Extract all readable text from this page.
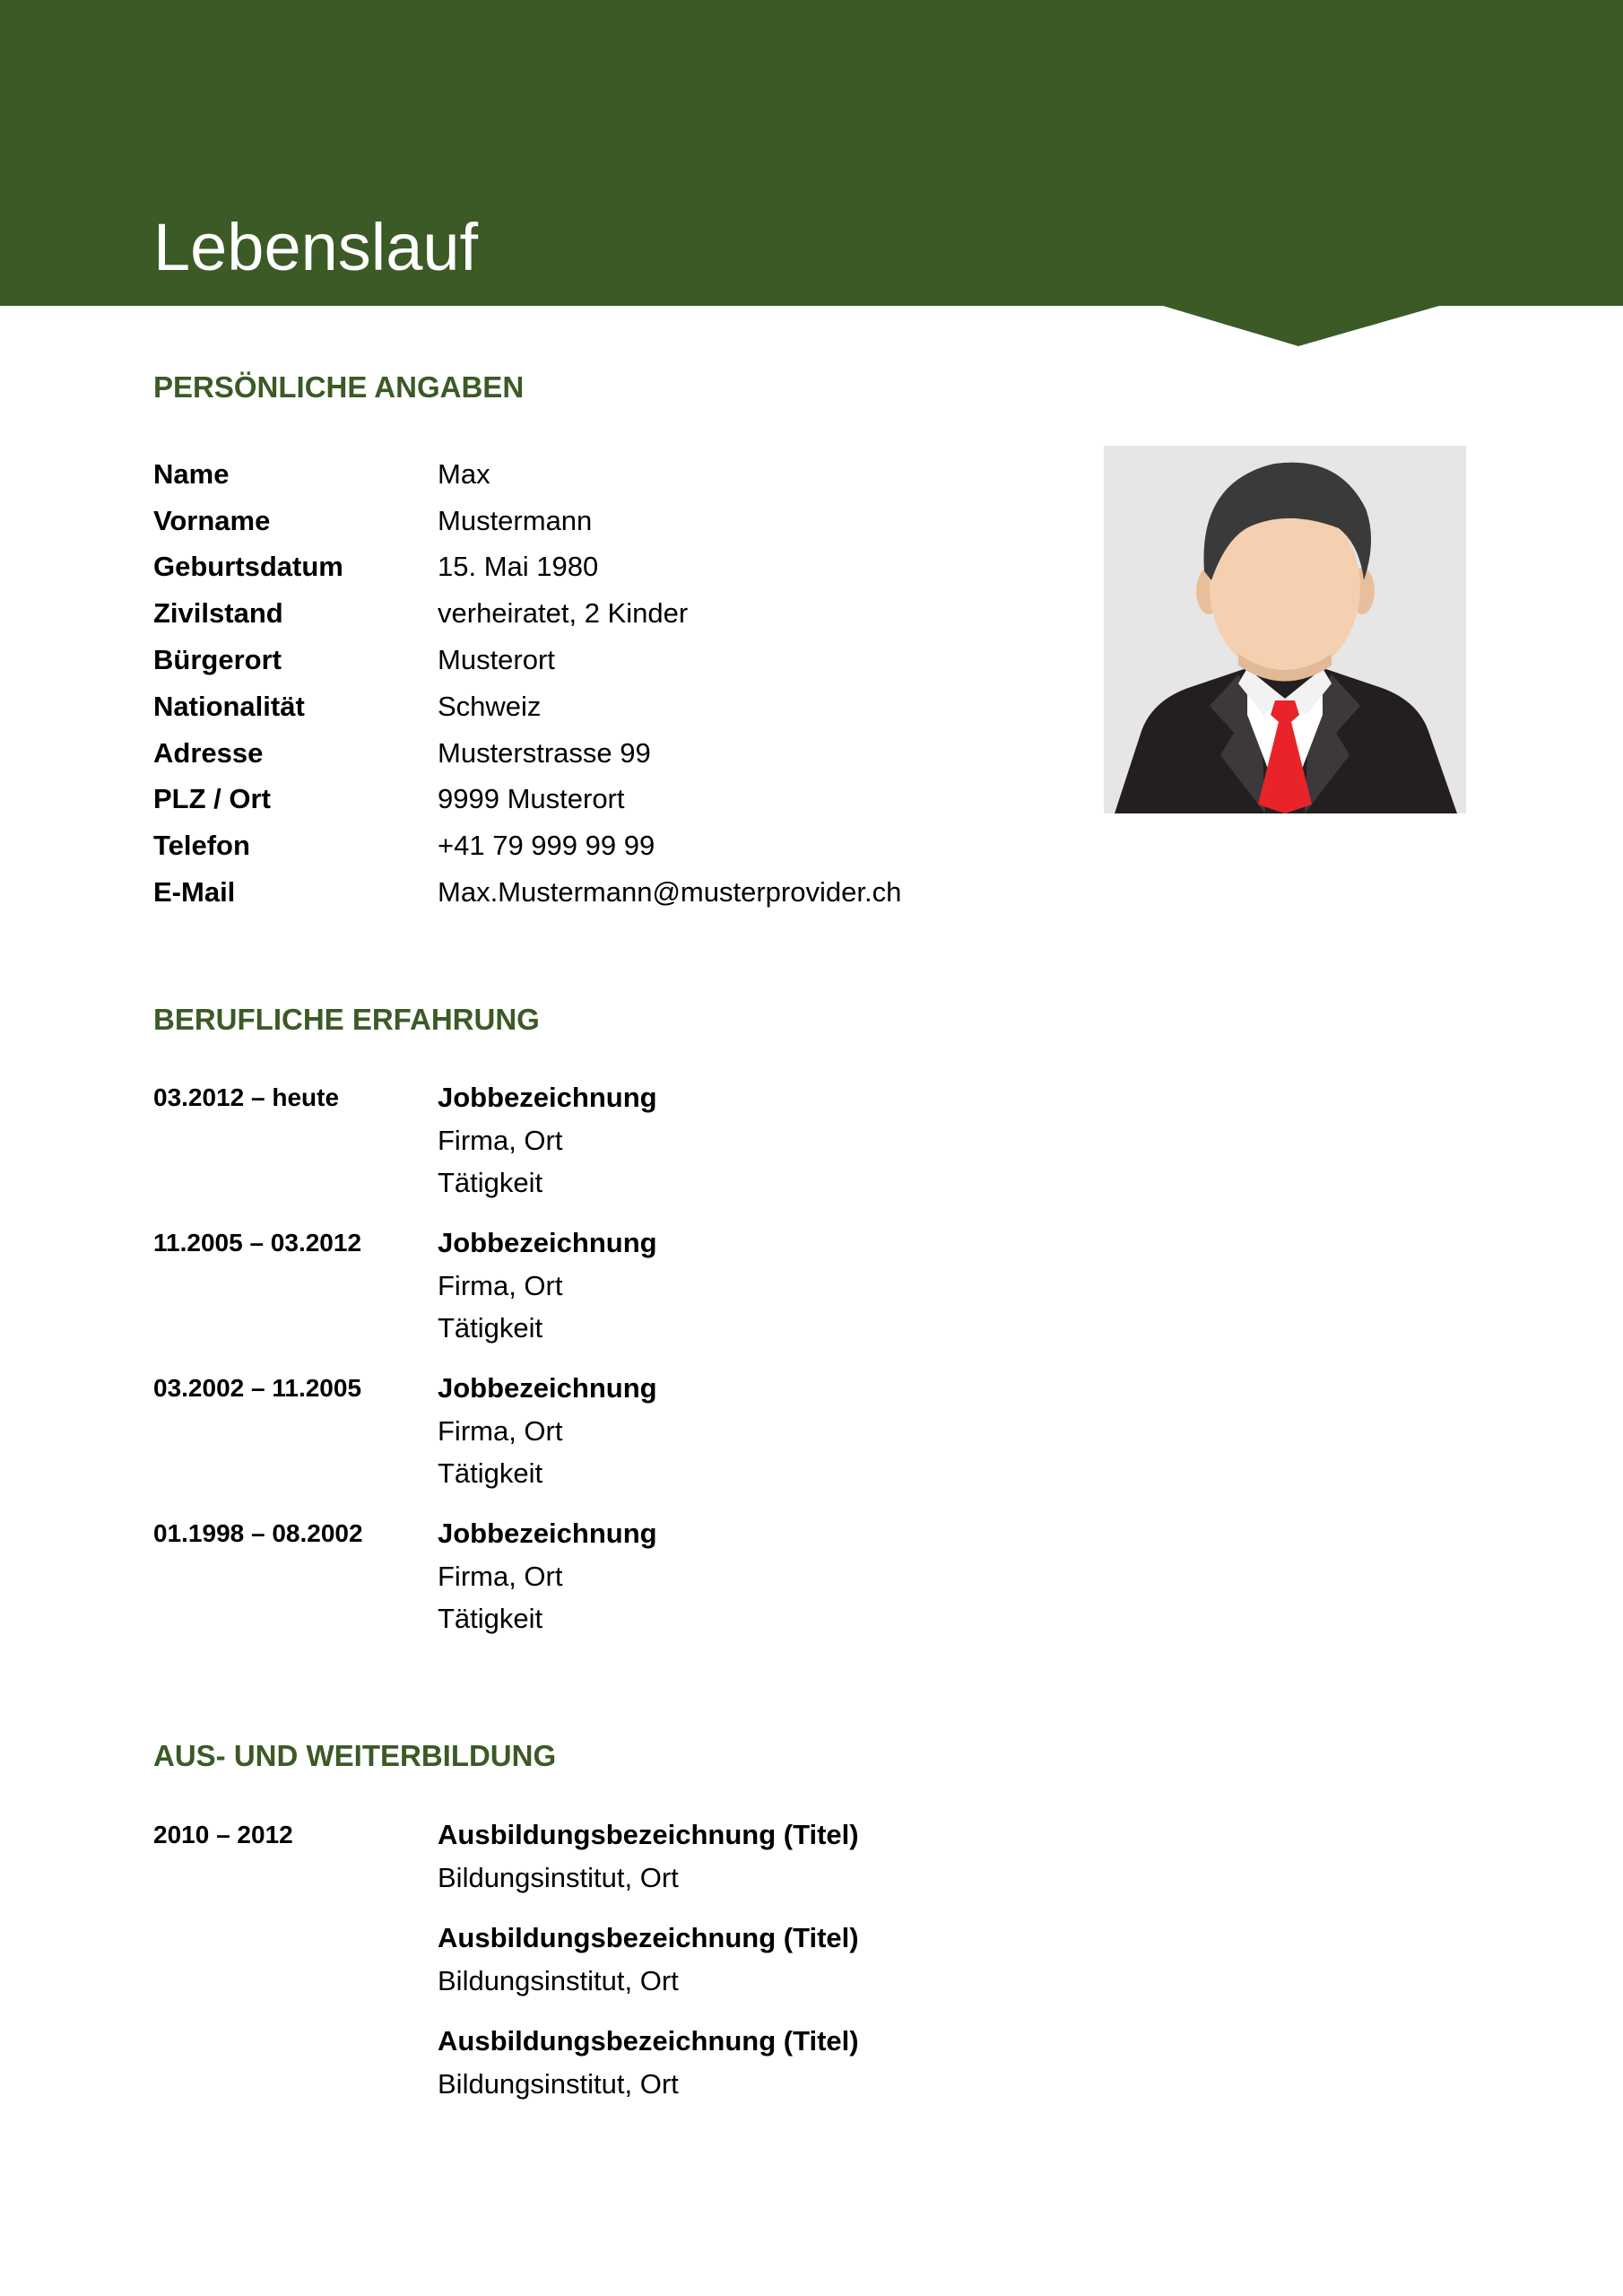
Lebenslauf
PERSÖNLICHE ANGABEN
Name	Max
Vorname	Mustermann
Geburtsdatum	15. Mai 1980
Zivilstand	verheiratet, 2 Kinder
Bürgerort	Musterort
Nationalität	Schweiz
Adresse	Musterstrasse 99
PLZ / Ort	9999 Musterort
Telefon	+41 79 999 99 99
E-Mail	Max.Mustermann@musterprovider.ch
BERUFLICHE ERFAHRUNG
03.2012 – heute	Jobbezeichnung
Firma, Ort
Tätigkeit
11.2005 – 03.2012	Jobbezeichnung
Firma, Ort
Tätigkeit
03.2002 – 11.2005	Jobbezeichnung
Firma, Ort
Tätigkeit
01.1998 – 08.2002	Jobbezeichnung
Firma, Ort
Tätigkeit
AUS- UND WEITERBILDUNG
2010 – 2012	Ausbildungsbezeichnung (Titel)
Bildungsinstitut, Ort
Ausbildungsbezeichnung (Titel)
Bildungsinstitut, Ort
Ausbildungsbezeichnung (Titel)
Bildungsinstitut, Ort
